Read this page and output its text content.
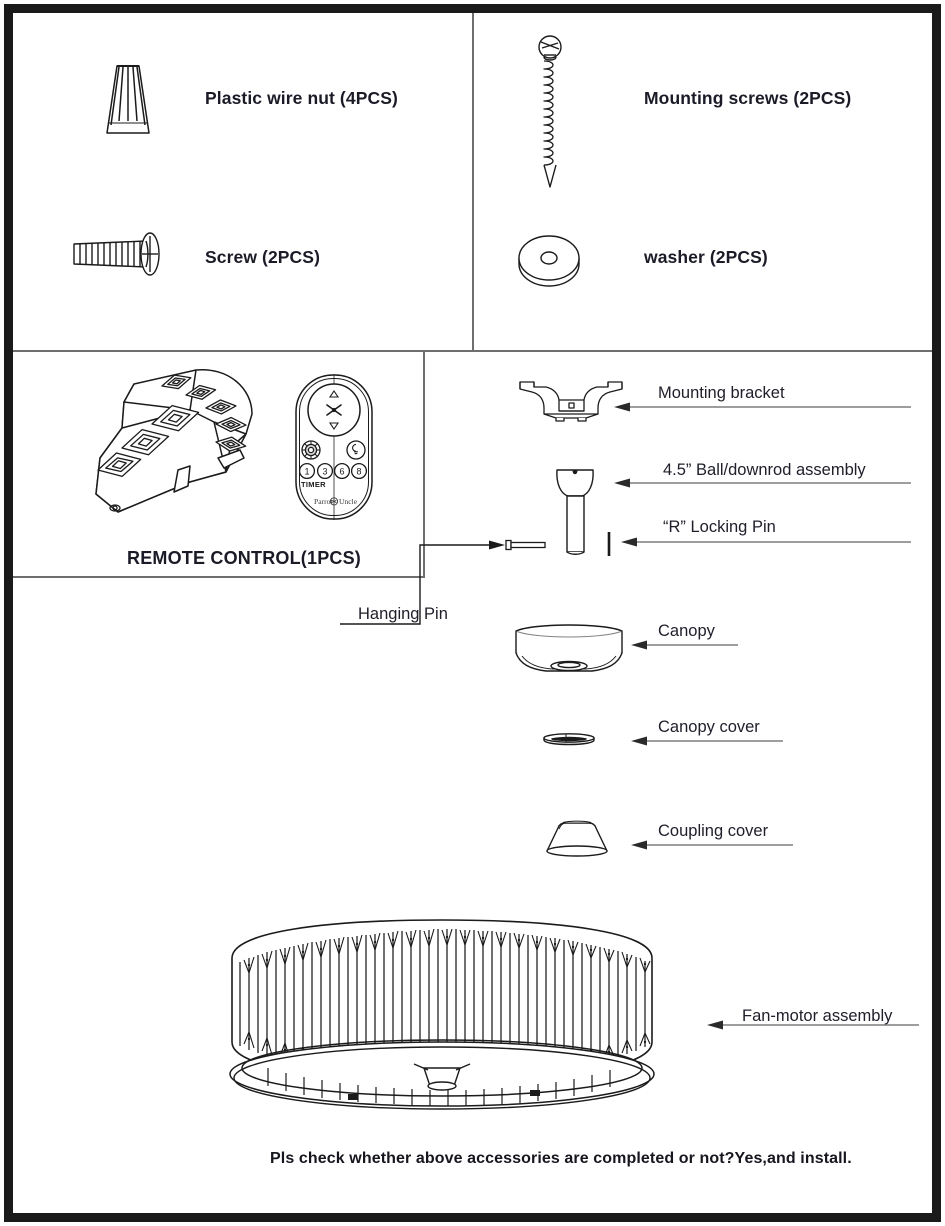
Plastic wire nut (4PCS)
Screw (2PCS)
Mounting screws (2PCS)
washer (2PCS)
1 3 6 8
TIMER
Parrot Uncle
REMOTE CONTROL(1PCS)
Mounting bracket
4.5” Ball/downrod assembly
“R” Locking Pin
Hanging Pin
Canopy
Canopy cover
Coupling cover
Fan-motor assembly
Pls check whether above accessories are completed or not?Yes,and install.
